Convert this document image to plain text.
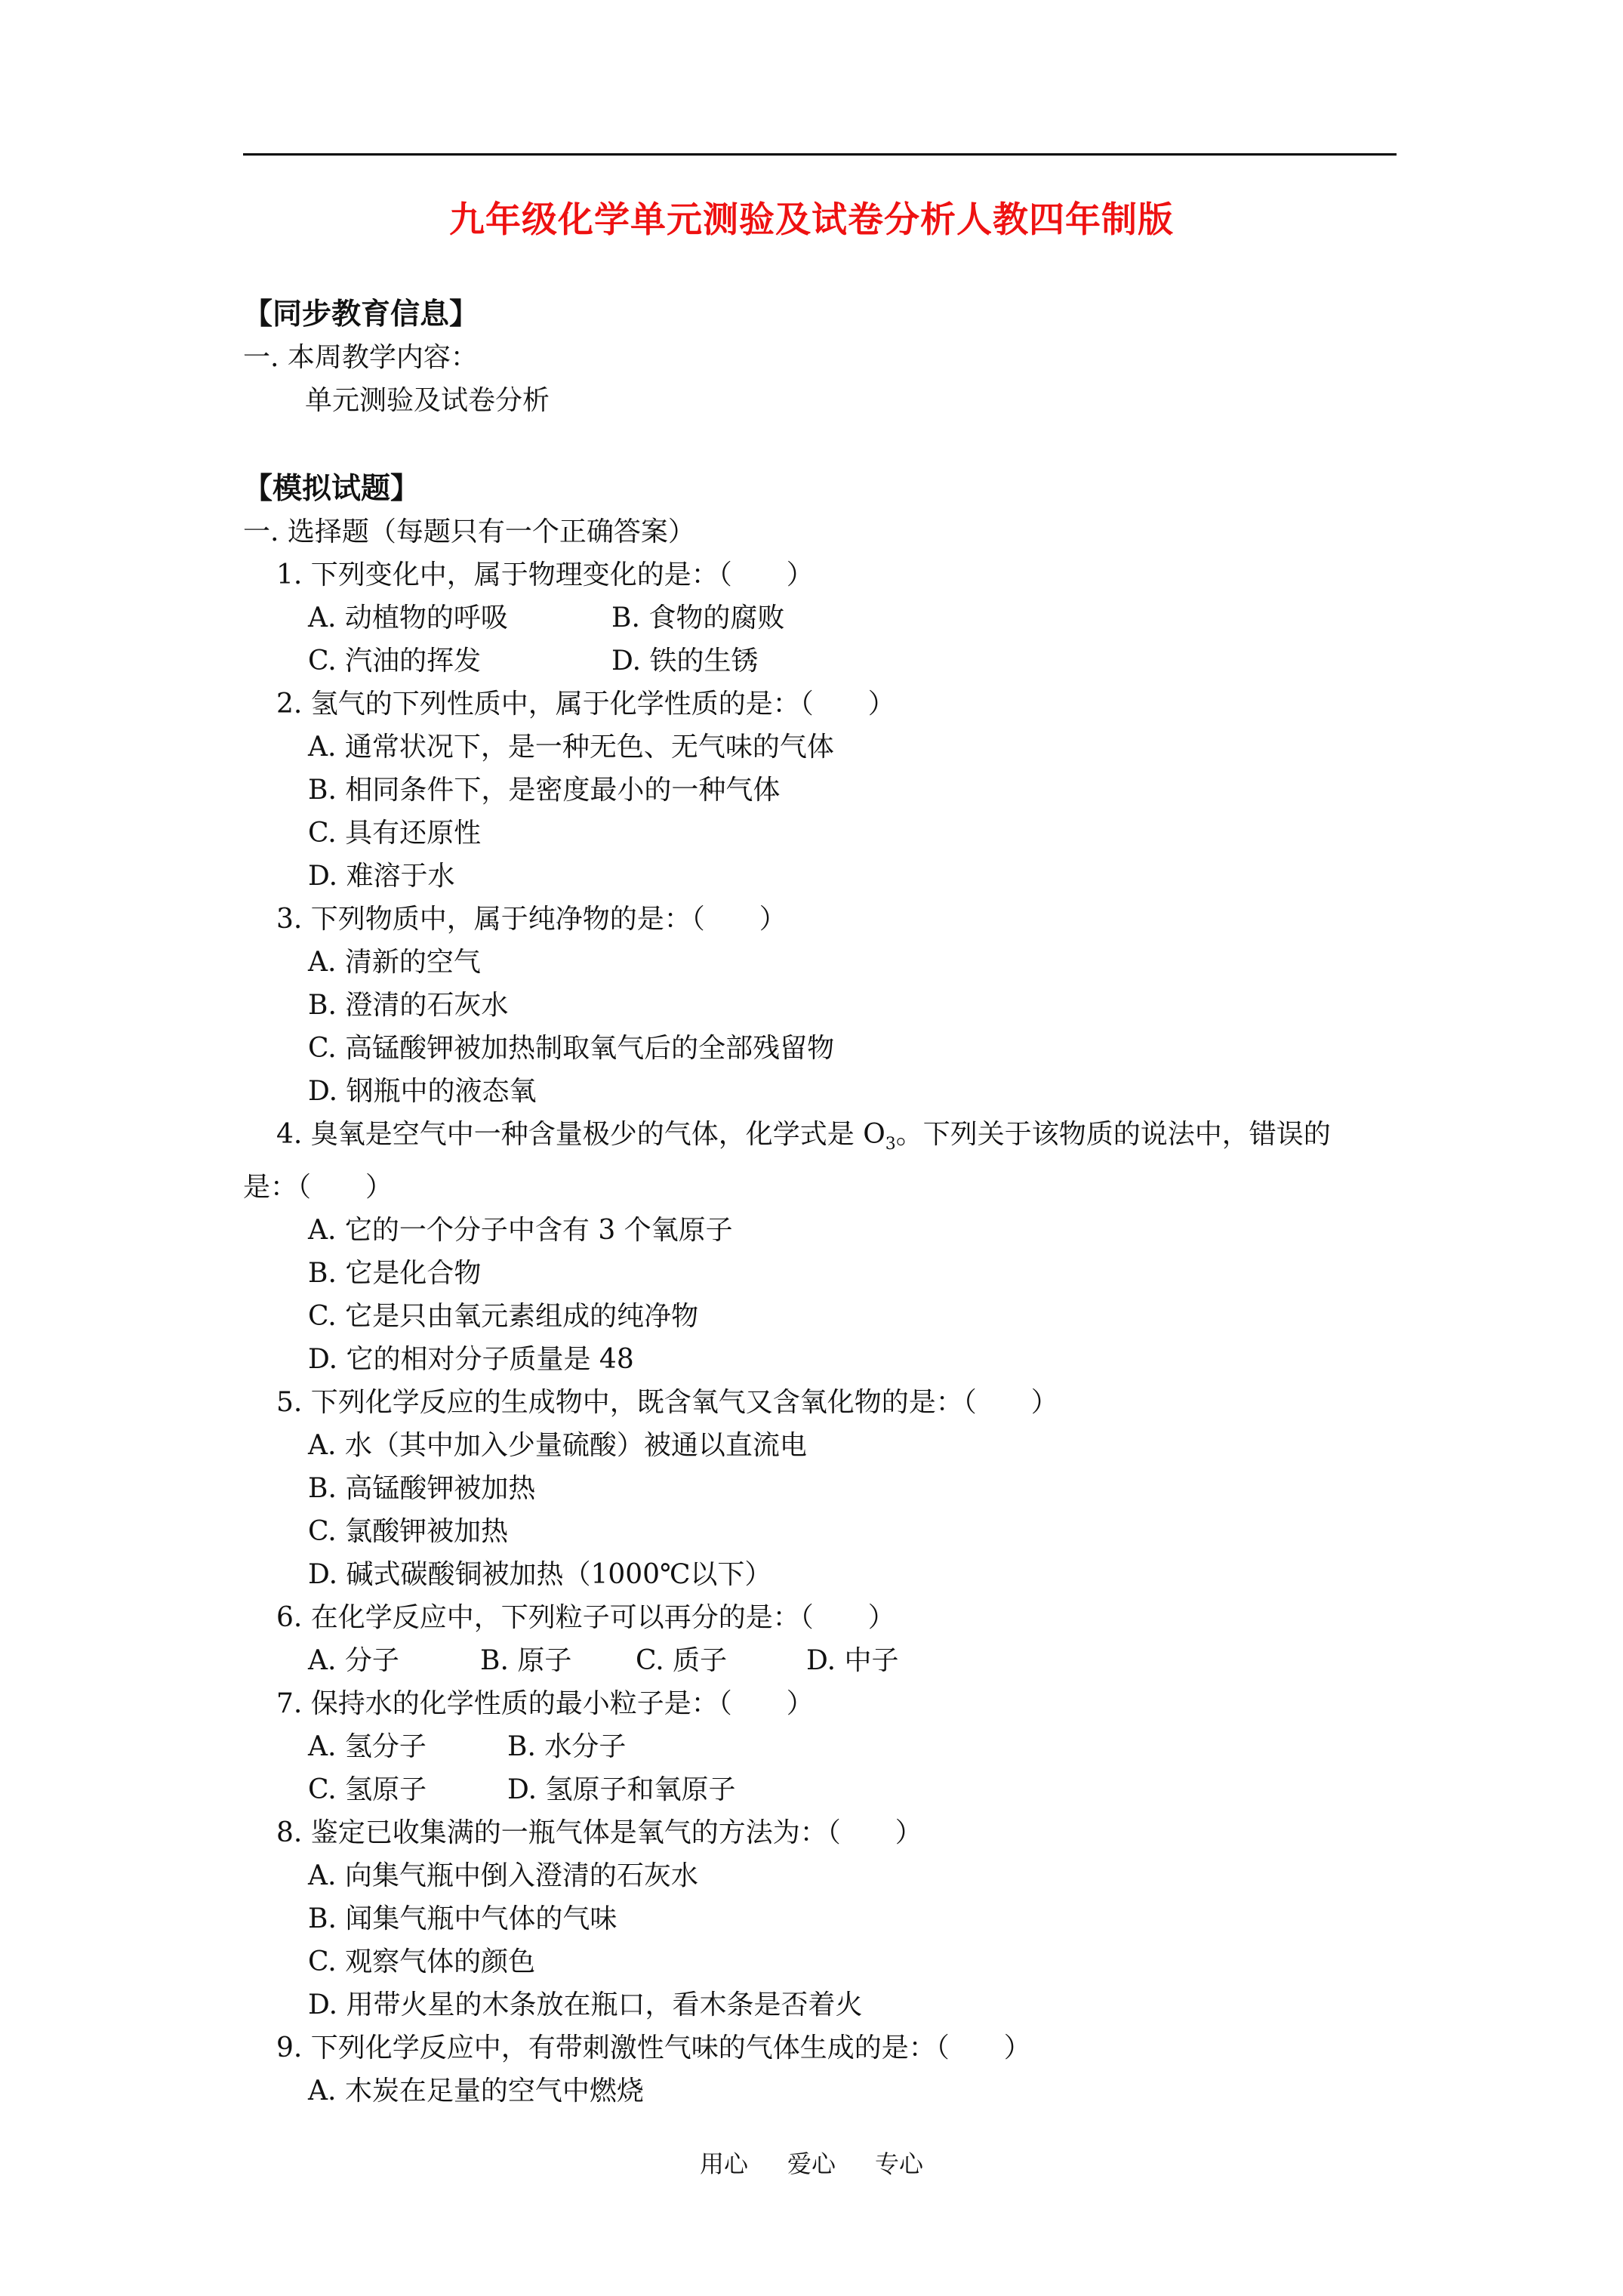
九年级化学单元测验及试卷分析人教四年制版
【同步教育信息】
一. 本周教学内容：
单元测验及试卷分析
【模拟试题】
一. 选择题（每题只有一个正确答案）
1. 下列变化中，属于物理变化的是：（　　）
A. 动植物的呼吸	B. 食物的腐败
C. 汽油的挥发	D. 铁的生锈
2. 氢气的下列性质中，属于化学性质的是：（　　）
A. 通常状况下，是一种无色、无气味的气体
B. 相同条件下，是密度最小的一种气体
C. 具有还原性
D. 难溶于水
3. 下列物质中，属于纯净物的是：（　　）
A. 清新的空气
B. 澄清的石灰水
C. 高锰酸钾被加热制取氧气后的全部残留物
D. 钢瓶中的液态氧
4. 臭氧是空气中一种含量极少的气体，化学式是 $O_3$。下列关于该物质的说法中，错误的
是：（　　）
A. 它的一个分子中含有 3 个氧原子
B. 它是化合物
C. 它是只由氧元素组成的纯净物
D. 它的相对分子质量是 48
5. 下列化学反应的生成物中，既含氧气又含氧化物的是：（　　）
A. 水（其中加入少量硫酸）被通以直流电
B. 高锰酸钾被加热
C. 氯酸钾被加热
D. 碱式碳酸铜被加热（1000℃以下）
6. 在化学反应中，下列粒子可以再分的是：（　　）
A. 分子	B. 原子 C. 质子	D. 中子
7. 保持水的化学性质的最小粒子是：（　　）
A. 氢分子	B. 水分子
C. 氢原子	D. 氢原子和氧原子
8. 鉴定已收集满的一瓶气体是氧气的方法为：（　　）
A. 向集气瓶中倒入澄清的石灰水
B. 闻集气瓶中气体的气味
C. 观察气体的颜色
D. 用带火星的木条放在瓶口，看木条是否着火
9. 下列化学反应中，有带刺激性气味的气体生成的是：（　　）
A. 木炭在足量的空气中燃烧
用心 爱心 专心
